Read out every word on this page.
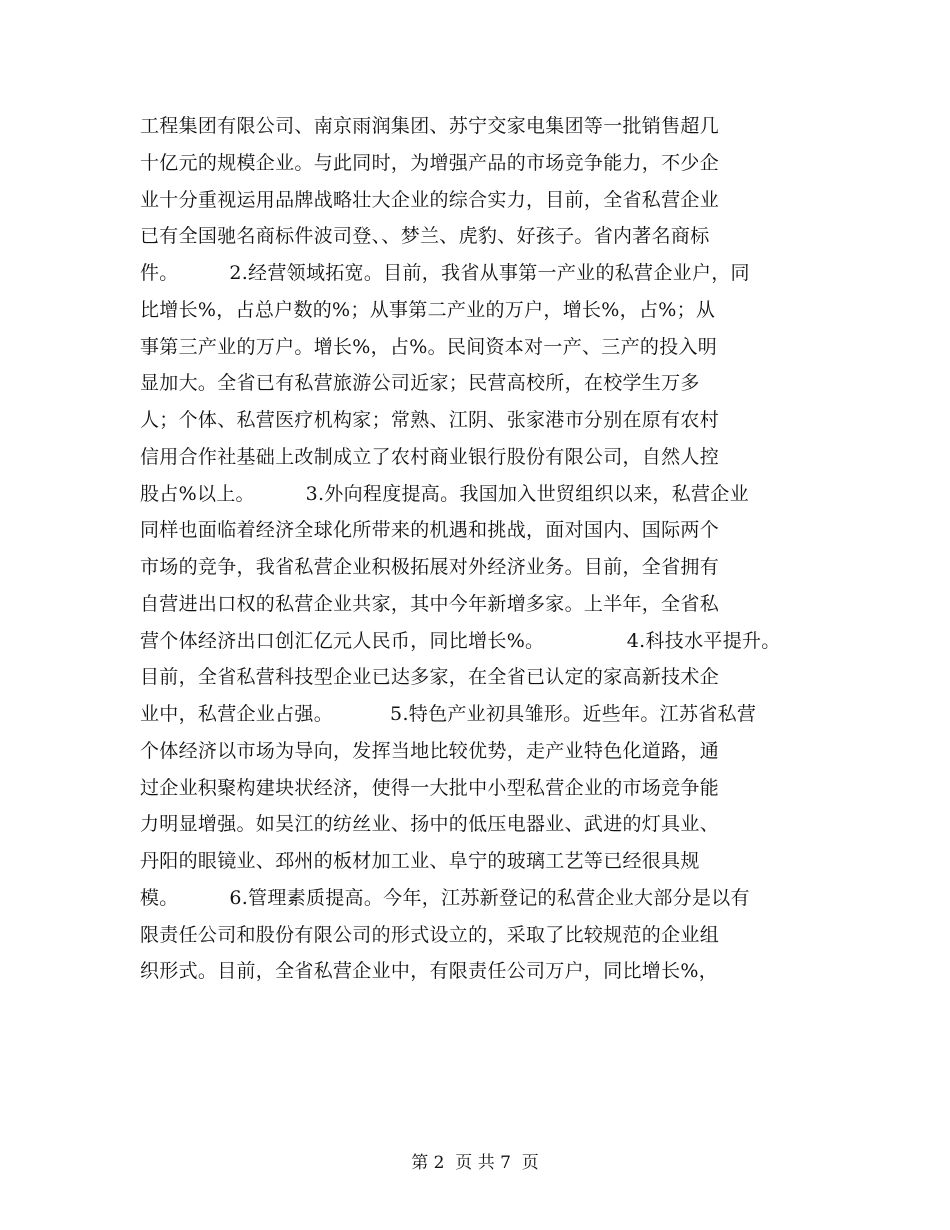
工程集团有限公司、南京雨润集团、苏宁交家电集团等一批销售超几
十亿元的规模企业。与此同时，为增强产品的市场竞争能力，不少企
业十分重视运用品牌战略壮大企业的综合实力，目前，全省私营企业
已有全国驰名商标件波司登、、梦兰、虎豹、好孩子。省内著名商标
件。        2.经营领域拓宽。目前，我省从事第一产业的私营企业户，同
比增长%，占总户数的%；从事第二产业的万户，增长%，占%；从
事第三产业的万户。增长%，占%。民间资本对一产、三产的投入明
显加大。全省已有私营旅游公司近家；民营高校所，在校学生万多
人；个体、私营医疗机构家；常熟、江阴、张家港市分别在原有农村
信用合作社基础上改制成立了农村商业银行股份有限公司，自然人控
股占%以上。        3.外向程度提高。我国加入世贸组织以来，私营企业
同样也面临着经济全球化所带来的机遇和挑战，面对国内、国际两个
市场的竞争，我省私营企业积极拓展对外经济业务。目前，全省拥有
自营进出口权的私营企业共家，其中今年新增多家。上半年，全省私
营个体经济出口创汇亿元人民币，同比增长%。             4.科技水平提升。
目前，全省私营科技型企业已达多家，在全省已认定的家高新技术企
业中，私营企业占强。         5.特色产业初具雏形。近些年。江苏省私营
个体经济以市场为导向，发挥当地比较优势，走产业特色化道路，通
过企业积聚构建块状经济，使得一大批中小型私营企业的市场竞争能
力明显增强。如吴江的纺丝业、扬中的低压电器业、武进的灯具业、
丹阳的眼镜业、邳州的板材加工业、阜宁的玻璃工艺等已经很具规
模。        6.管理素质提高。今年，江苏新登记的私营企业大部分是以有
限责任公司和股份有限公司的形式设立的，采取了比较规范的企业组
织形式。目前，全省私营企业中，有限责任公司万户，同比增长%，
第 2  页 共 7  页
